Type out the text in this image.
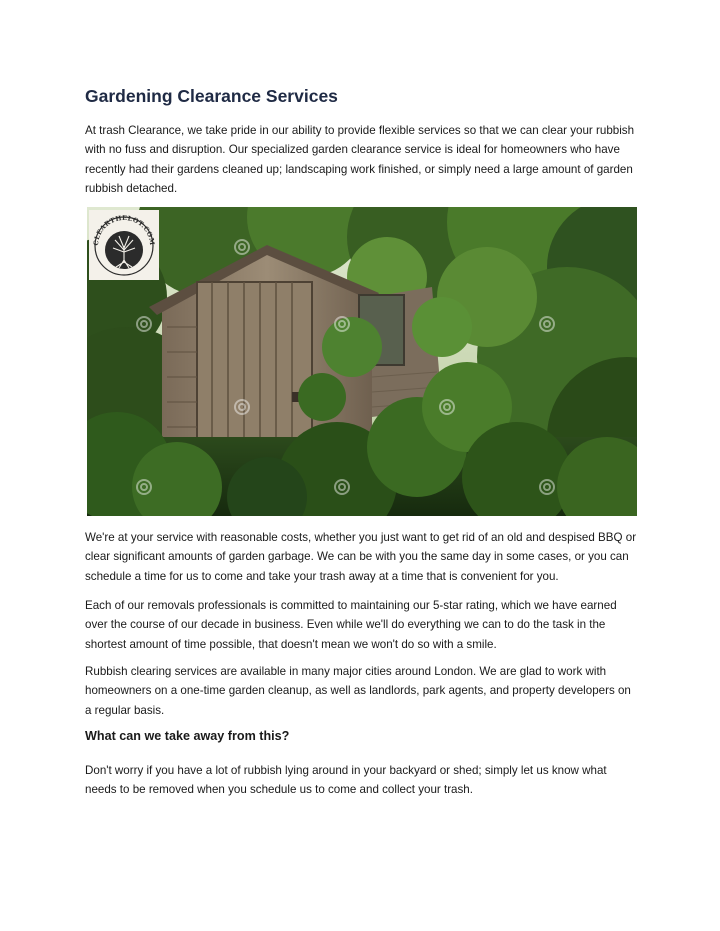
Gardening Clearance Services

At trash Clearance, we take pride in our ability to provide flexible services so that we can clear your rubbish with no fuss and disruption. Our specialized garden clearance service is ideal for homeowners who have recently had their gardens cleaned up; landscaping work finished, or simply need a large amount of garden rubbish detached.

CLEARTHELOT.COM

We're at your service with reasonable costs, whether you just want to get rid of an old and despised BBQ or clear significant amounts of garden garbage. We can be with you the same day in some cases, or you can schedule a time for us to come and take your trash away at a time that is convenient for you.

Each of our removals professionals is committed to maintaining our 5-star rating, which we have earned over the course of our decade in business. Even while we'll do everything we can to do the task in the shortest amount of time possible, that doesn't mean we won't do so with a smile.

Rubbish clearing services are available in many major cities around London. We are glad to work with homeowners on a one-time garden cleanup, as well as landlords, park agents, and property developers on a regular basis.

What can we take away from this?

Don't worry if you have a lot of rubbish lying around in your backyard or shed; simply let us know what needs to be removed when you schedule us to come and collect your trash.
